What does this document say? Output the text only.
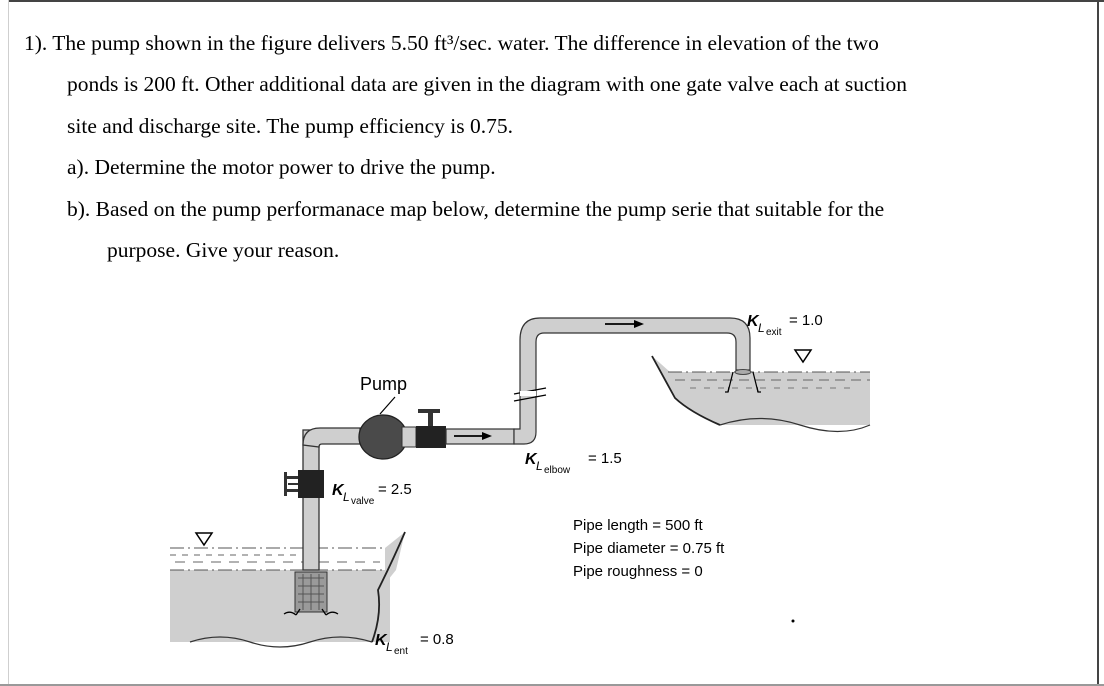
1). The pump shown in the figure delivers 5.50 ft³/sec. water. The difference in elevation of the two
ponds is 200 ft. Other additional data are given in the diagram with one gate valve each at suction
site and discharge site. The pump efficiency is 0.75.
a). Determine the motor power to drive the pump.
b). Based on the pump performanace map below, determine the pump serie that suitable for the
purpose. Give your reason.
Pump
K L valve
= 2.5
K L elbow
= 1.5
K L exit
= 1.0
K L ent
= 0.8
Pipe length = 500 ft
Pipe diameter = 0.75 ft
Pipe roughness = 0
